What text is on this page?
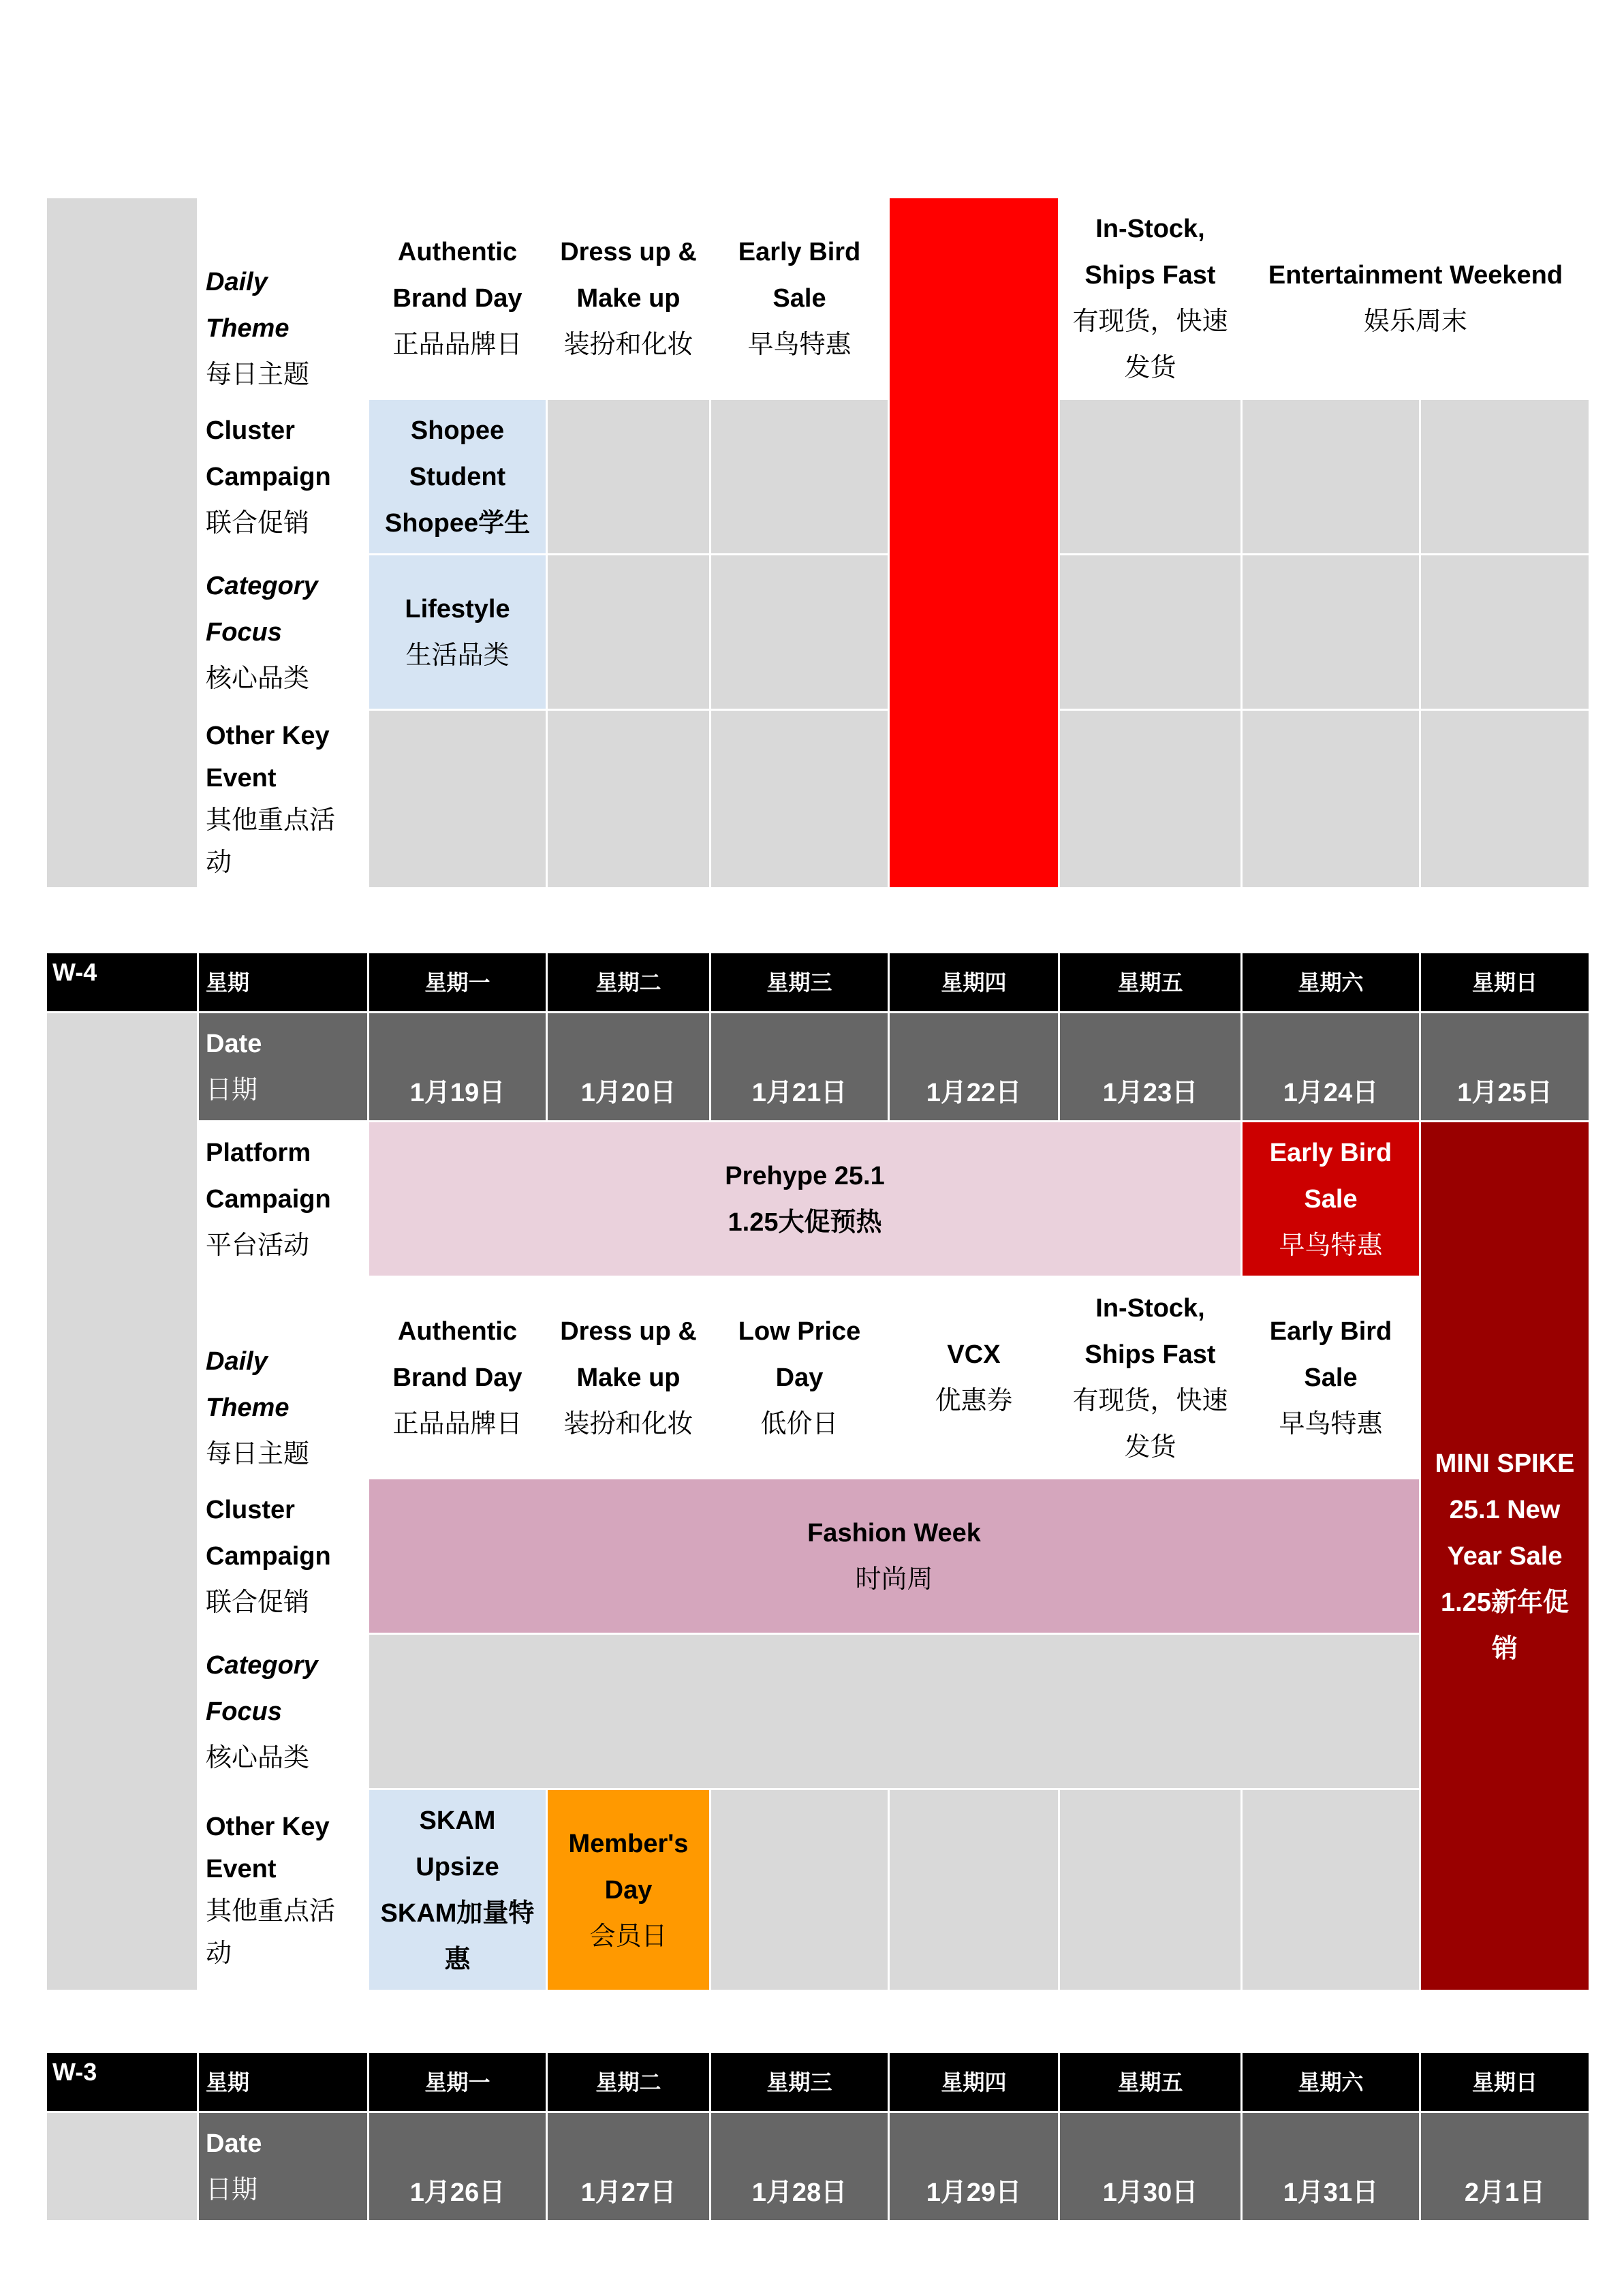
	Daily
Theme
每日主题	Authentic
Brand Day
正品品牌日	Dress up &
Make up
装扮和化妆	Early Bird
Sale
早鸟特惠		In-Stock,
Ships Fast
有现货，快速
发货	Entertainment Weekend
娱乐周末	

	Cluster
Campaign
联合促销	Shopee
Student
Shopee学生						

	Category
Focus
核心品类	Lifestyle
生活品类						

	Other Key
Event
其他重点活
动							

W-4	星期	星期一	星期二	星期三	星期四	星期五	星期六	星期日

	Date
日期	1月19日	1月20日	1月21日	1月22日	1月23日	1月24日	1月25日

	Platform
Campaign
平台活动	Prehype 25.1
1.25大促预热					Early Bird
Sale
早鸟特惠	MINI SPIKE
25.1 New
Year Sale
1.25新年促
销

	Daily
Theme
每日主题	Authentic
Brand Day
正品品牌日	Dress up &
Make up
装扮和化妆	Low Price
Day
低价日	VCX
优惠券	In-Stock,
Ships Fast
有现货，快速
发货	Early Bird
Sale
早鸟特惠	

	Cluster
Campaign
联合促销	Fashion Week
时尚周						

	Category
Focus
核心品类							

	Other Key
Event
其他重点活
动	SKAM
Upsize
SKAM加量特
惠	Member's
Day
会员日					

W-3	星期	星期一	星期二	星期三	星期四	星期五	星期六	星期日

	Date
日期	1月26日	1月27日	1月28日	1月29日	1月30日	1月31日	2月1日
